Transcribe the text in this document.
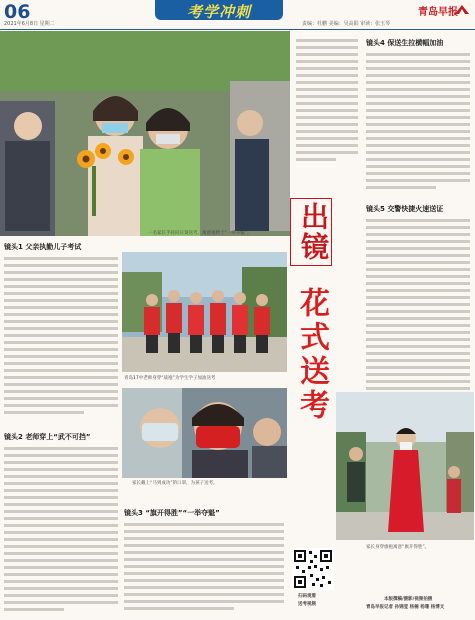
06
2021年6月8日 星期二
考学冲刺
责编：杜鹏 美编：吴高阳 审读：张玉琴
青岛早报
一名家长手持向日葵送考，寓意驰骋于“一举夺魁”。
镜头4 保送生拉横幅加油
镜头5 交警快捷火速送证
出镜
花式送考
镜头1 父亲执勤儿子考试
青岛17中老师身穿“战袍”为学生学子加油送考
家长戴上“马到成功”的口罩，为孩子送考。
镜头2 老师穿上“武不可挡”
镜头3 “旗开得胜”“一举夺魁”
扫码观看
送考视频
家长身穿旗袍寓意“旗开得胜”。
本版撰稿/摄影/视频拍摄
青岛早报记者 孙锦莹 杨楠 杨珊 杨博文
